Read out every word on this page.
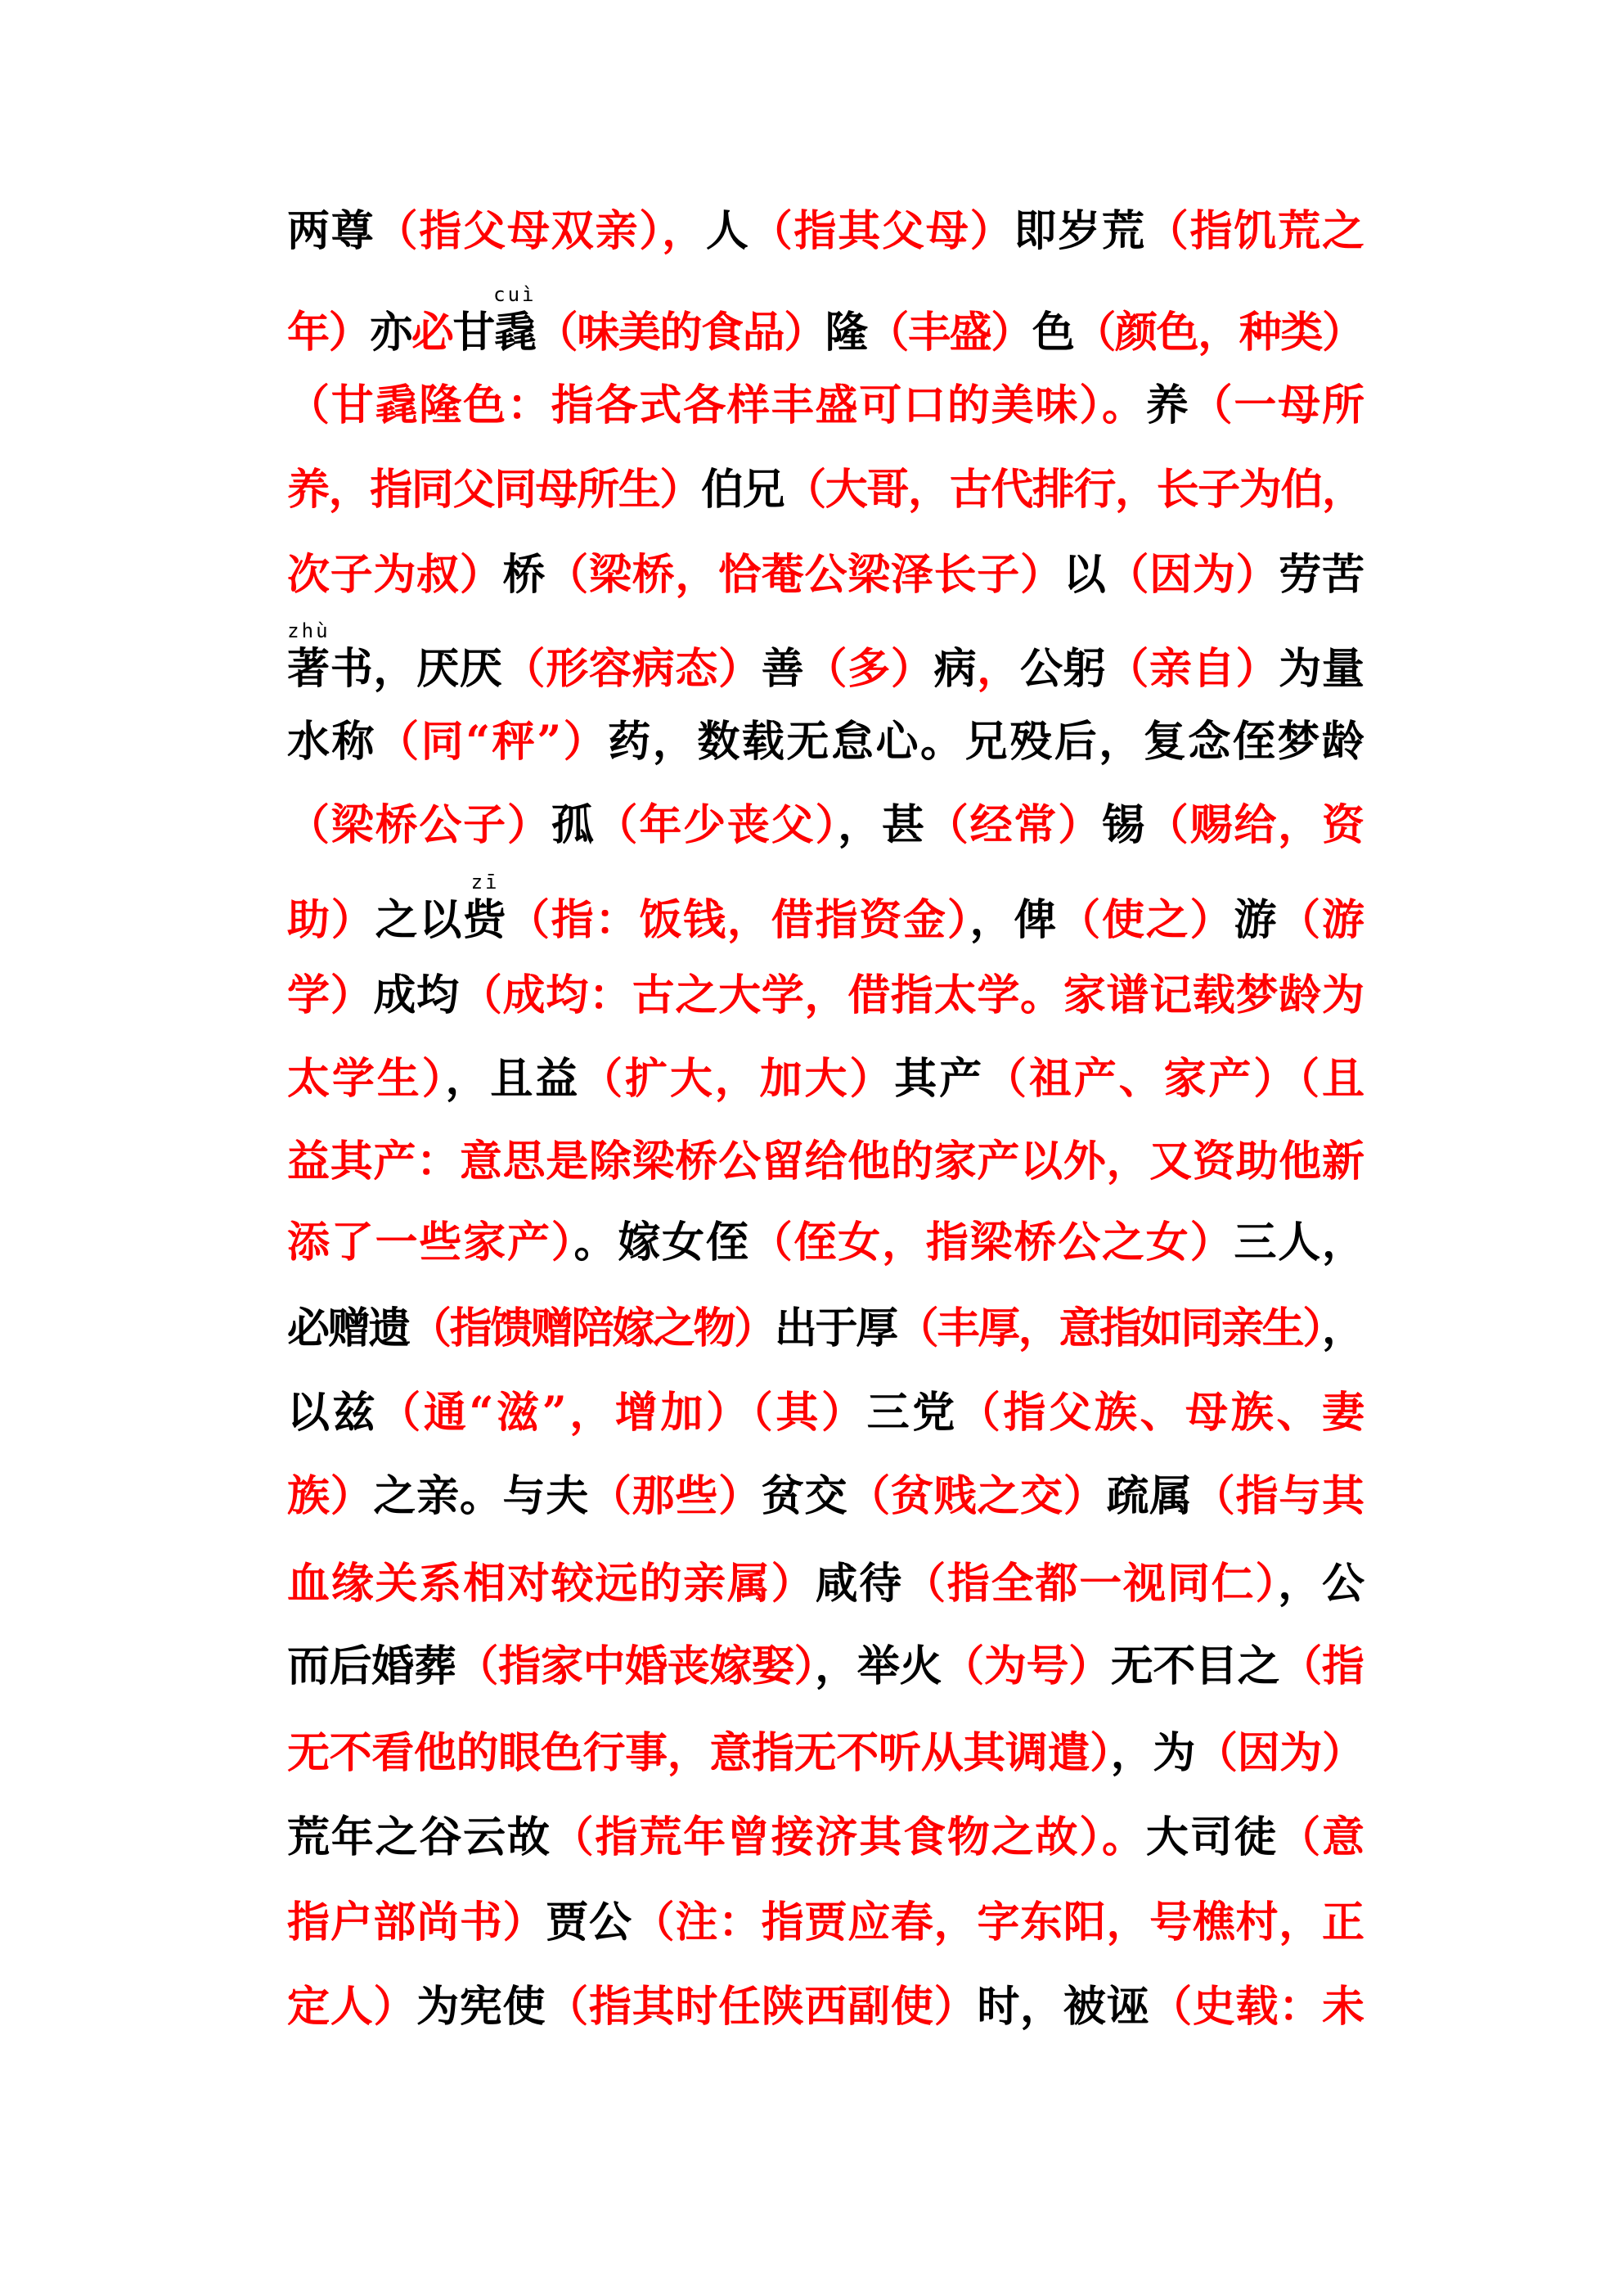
两尊（指父母双亲），人（指其父母）即岁荒（指饥荒之
年）亦必甘毳
cuì
（味美的食品）隆（丰盛）色（颜色，种类）
（甘毳隆色：指各式各样丰盛可口的美味）。养（一母所
养，指同父同母所生）伯兄（大哥，古代排行，长子为伯，
次子为叔）桥（梁桥，恰菴公梁泽长子）以（因为）劳苦
著
zhù
书，厌厌（形容病态）善（多）病，公躬（亲自）为量
水称（同“秤”）药，数载无怠心。兄殁后，复念侄梦龄
（梁桥公子）孤（年少丧父），甚（经常）锡（赐给，资
助）之以赀
zī
（指：饭钱，借指资金），俾（使之）游（游
学）成均（成均：古之大学，借指太学。家谱记载梦龄为
太学生），且益（扩大，加大）其产（祖产、家产）（且
益其产：意思是除梁桥公留给他的家产以外，又资助他新
添了一些家产）。嫁女侄（侄女，指梁桥公之女）三人，
必赠遗（指馈赠陪嫁之物）出于厚（丰厚，意指如同亲生），
以兹（通“滋”，增加）（其）三党（指父族、母族、妻
族）之亲。与夫（那些）贫交（贫贱之交）疏属（指与其
血缘关系相对较远的亲属）咸待（指全都一视同仁），公
而后婚葬（指家中婚丧嫁娶），举火（为号）无不目之（指
无不看他的眼色行事，意指无不听从其调遣），为（因为）
荒年之谷云故（指荒年曾接济其食物之故）。大司徒（意
指户部尚书）贾公（注：指贾应春，字东阳，号樵村，正
定人）为宪使（指其时任陕西副使）时，被诬（史载：未
